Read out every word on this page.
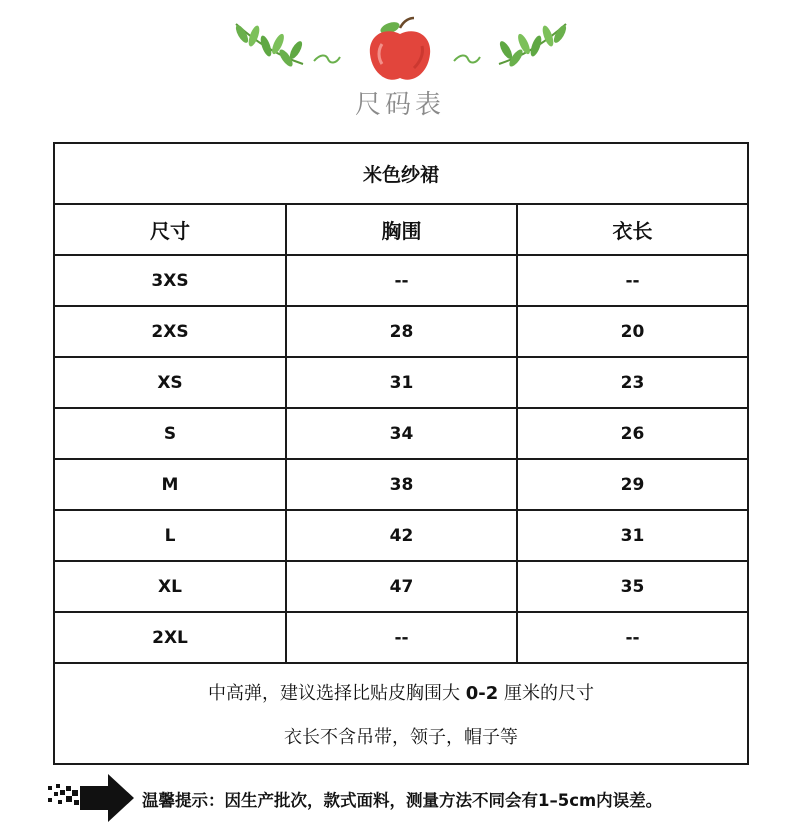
尺码表
米色纱裙		
尺寸	胸围	衣长
3XS	--	--
2XS	28	20
XS	31	23
S	34	26
M	38	29
L	42	31
XL	47	35
2XL	--	--

中高弹，建议选择比贴皮胸围大 0-2 厘米的尺寸
衣长不含吊带，领子，帽子等		
温馨提示：因生产批次，款式面料，测量方法不同会有1–5cm内误差。
